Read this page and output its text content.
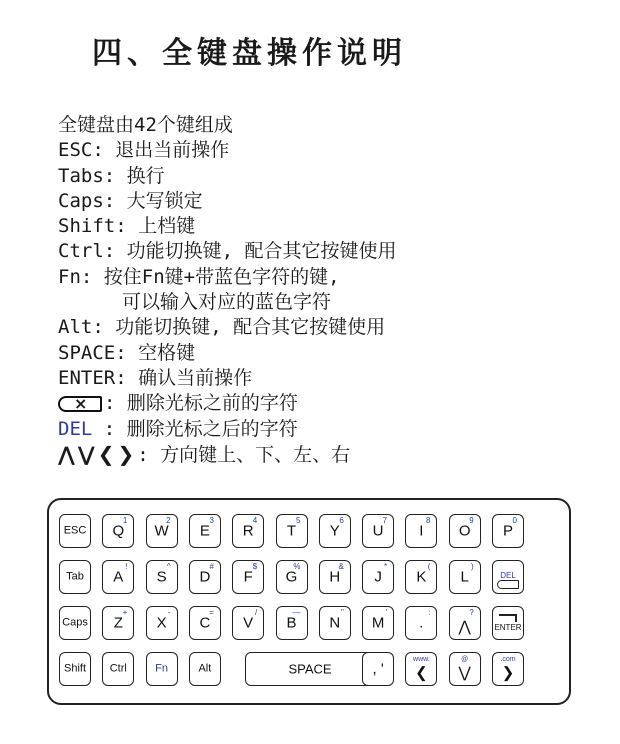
四、全键盘操作说明
全键盘由42个键组成
ESC: 退出当前操作
Tabs: 换行
Caps: 大写锁定
Shift: 上档键
Ctrl: 功能切换键, 配合其它按键使用
Fn: 按住Fn键+带蓝色字符的键,
可以输入对应的蓝色字符
Alt: 功能切换键, 配合其它按键使用
SPACE: 空格键
ENTER: 确认当前操作
×: 删除光标之前的字符
DEL : 删除光标之后的字符
⋀⋁❮❯: 方向键上、下、左、右
ESC
1
Q
2
W
3
E
4
R
5
T
6
Y
7
U
8
I
9
O
0
P
Tab
!
A
^
S
#
D
$
F
%
G
&
H
*
J
(
K
)
L	DEL
Caps
+
Z
-
X
=
C
/
V
—
B
"
N
'
M
:
.
?
⋀	ENTER
Shift	Ctrl	Fn	Alt	SPACE	, '
www.
❮
@
⋁
.com
❯
